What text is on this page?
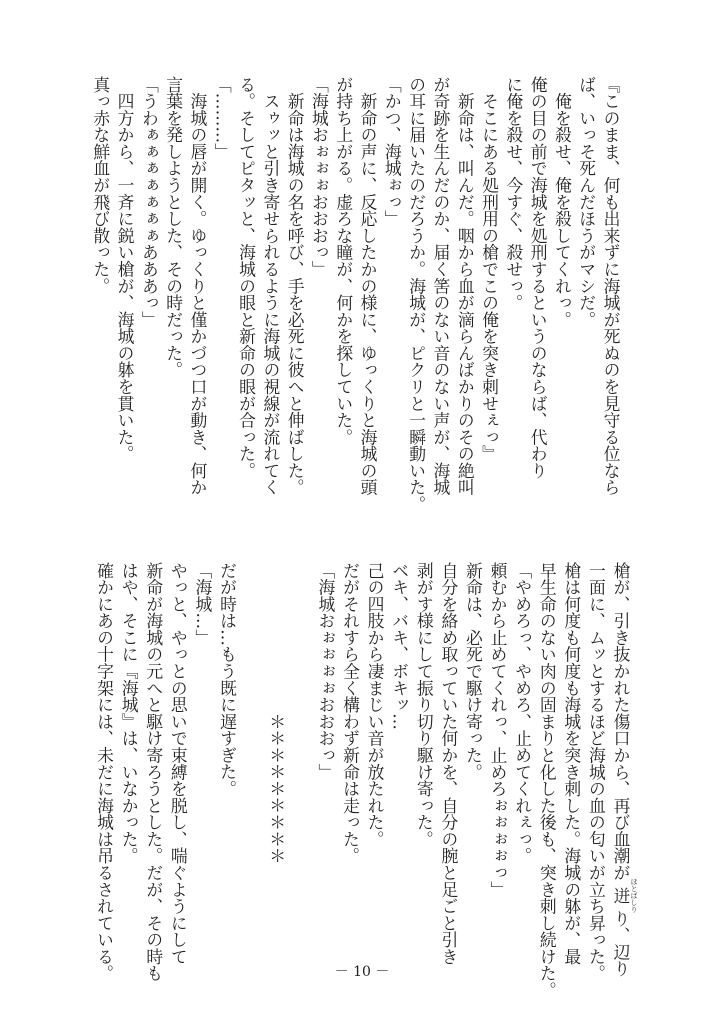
『このまま、何も出来ずに海城が死ぬのを見守る位なら
ば、いっそ死んだほうがマシだ。
　俺を殺せ、俺を殺してくれっ。
俺の目の前で海城を処刑するというのならば、代わり
に俺を殺せ、今すぐ、殺せっ。
　そこにある処刑用の槍でこの俺を突き刺せぇっ』
　新命は、叫んだ。咽から血が滴らんばかりのその絶叫
が奇跡を生んだのか、届く筈のない音のない声が、海城
の耳に届いたのだろうか。海城が、ピクリと一瞬動いた。
「かつ、海城ぉっ」
　新命の声に、反応したかの様に、ゆっくりと海城の頭
が持ち上がる。虚ろな瞳が、何かを探していた。
「海城おぉぉぉおおおっ」
　新命は海城の名を呼び、手を必死に彼へと伸ばした。
　スゥッと引き寄せられるように海城の視線が流れてく
る。そしてピタッと、海城の眼と新命の眼が合った。
「………」
　海城の唇が開く。ゆっくりと僅かづつ口が動き、何か
言葉を発しようとした、その時だった。
「うわぁぁぁぁぁぁぁあああっ」
　四方から、一斉に鋭い槍が、海城の躰を貫いた。
真っ赤な鮮血が飛び散った。
槍が、引き抜かれた傷口から、再び血潮が迸 ほとばしりり、辺り
一面に、ムッとするほど海城の血の匂いが立ち昇った。
槍は何度も何度も海城を突き刺した。海城の躰が、最
早生命のない肉の固まりと化した後も、突き刺し続けた。
「やめろっ、やめろ、止めてくれぇっ。
頼むから止めてくれっ、止めろぉぉぉぉっ」
新命は、必死で駆け寄った。
自分を絡め取っていた何かを、自分の腕と足ごと引き
剥がす様にして振り切り駆け寄った。
ベキ、バキ、ボキッ…
己の四肢から凄まじい音が放たれた。
だがそれすら全く構わず新命は走った。
「海城おぉぉぉぉおおおっ」

　　　　　　　　　＊＊＊＊＊＊＊＊＊

だが時は…もう既に遅すぎた。
「海城…」
やっと、やっとの思いで束縛を脱し、喘ぐようにして
新命が海城の元へと駆け寄ろうとした。だが、その時も
はや、そこに『海城』は、いなかった。
確かにあの十字架には、未だに海城は吊るされている。	－ 10 －
